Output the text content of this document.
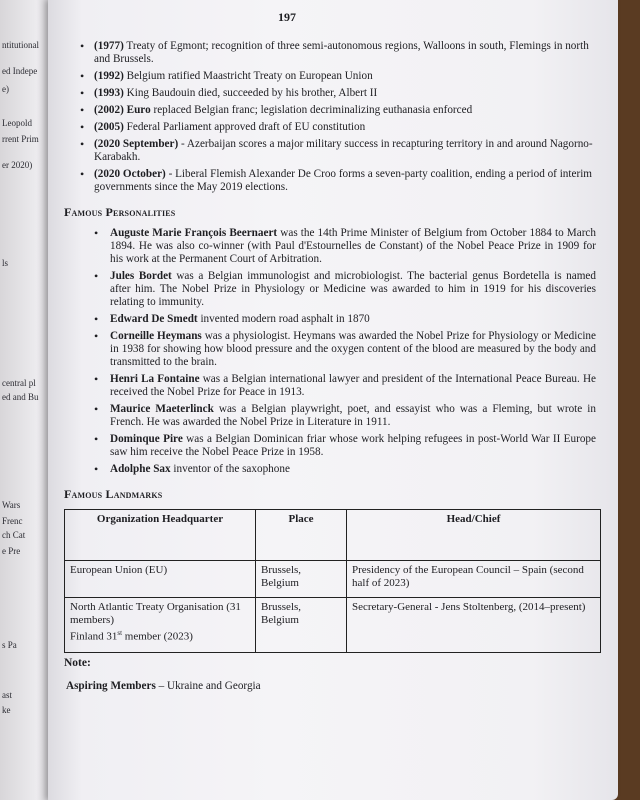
ntitutional
ed Indepe
e)
Leopold
rrent Prim
er 2020)
ls
central pl
ed and Bu
Wars
Frenc
ch Cat
e Pre
s Pa
ast
ke
197
• (1977) Treaty of Egmont; recognition of three semi-autonomous regions, Walloons in south, Flemings in north and Brussels.
• (1992) Belgium ratified Maastricht Treaty on European Union
• (1993) King Baudouin died, succeeded by his brother, Albert II
• (2002) Euro replaced Belgian franc; legislation decriminalizing euthanasia enforced
• (2005) Federal Parliament approved draft of EU constitution
• (2020 September) - Azerbaijan scores a major military success in recapturing territory in and around Nagorno-Karabakh.
• (2020 October) - Liberal Flemish Alexander De Croo forms a seven-party coalition, ending a period of interim governments since the May 2019 elections.
Famous Personalities
• Auguste Marie François Beernaert was the 14th Prime Minister of Belgium from October 1884 to March 1894. He was also co-winner (with Paul d'Estournelles de Constant) of the Nobel Peace Prize in 1909 for his work at the Permanent Court of Arbitration.
• Jules Bordet was a Belgian immunologist and microbiologist. The bacterial genus Bordetella is named after him. The Nobel Prize in Physiology or Medicine was awarded to him in 1919 for his discoveries relating to immunity.
• Edward De Smedt invented modern road asphalt in 1870
• Corneille Heymans was a physiologist. Heymans was awarded the Nobel Prize for Physiology or Medicine in 1938 for showing how blood pressure and the oxygen content of the blood are measured by the body and transmitted to the brain.
• Henri La Fontaine was a Belgian international lawyer and president of the International Peace Bureau. He received the Nobel Prize for Peace in 1913.
• Maurice Maeterlinck was a Belgian playwright, poet, and essayist who was a Fleming, but wrote in French. He was awarded the Nobel Prize in Literature in 1911.
• Dominque Pire was a Belgian Dominican friar whose work helping refugees in post-World War II Europe saw him receive the Nobel Peace Prize in 1958.
• Adolphe Sax inventor of the saxophone
Famous Landmarks
Organization Headquarter	Place	Head/Chief
European Union (EU)	Brussels, Belgium	Presidency of the European Council – Spain (second half of 2023)
North Atlantic Treaty Organisation (31 members)
Finland 31st member (2023)	Brussels, Belgium	Secretary-General - Jens Stoltenberg, (2014–present)
Note:
Aspiring Members – Ukraine and Georgia
